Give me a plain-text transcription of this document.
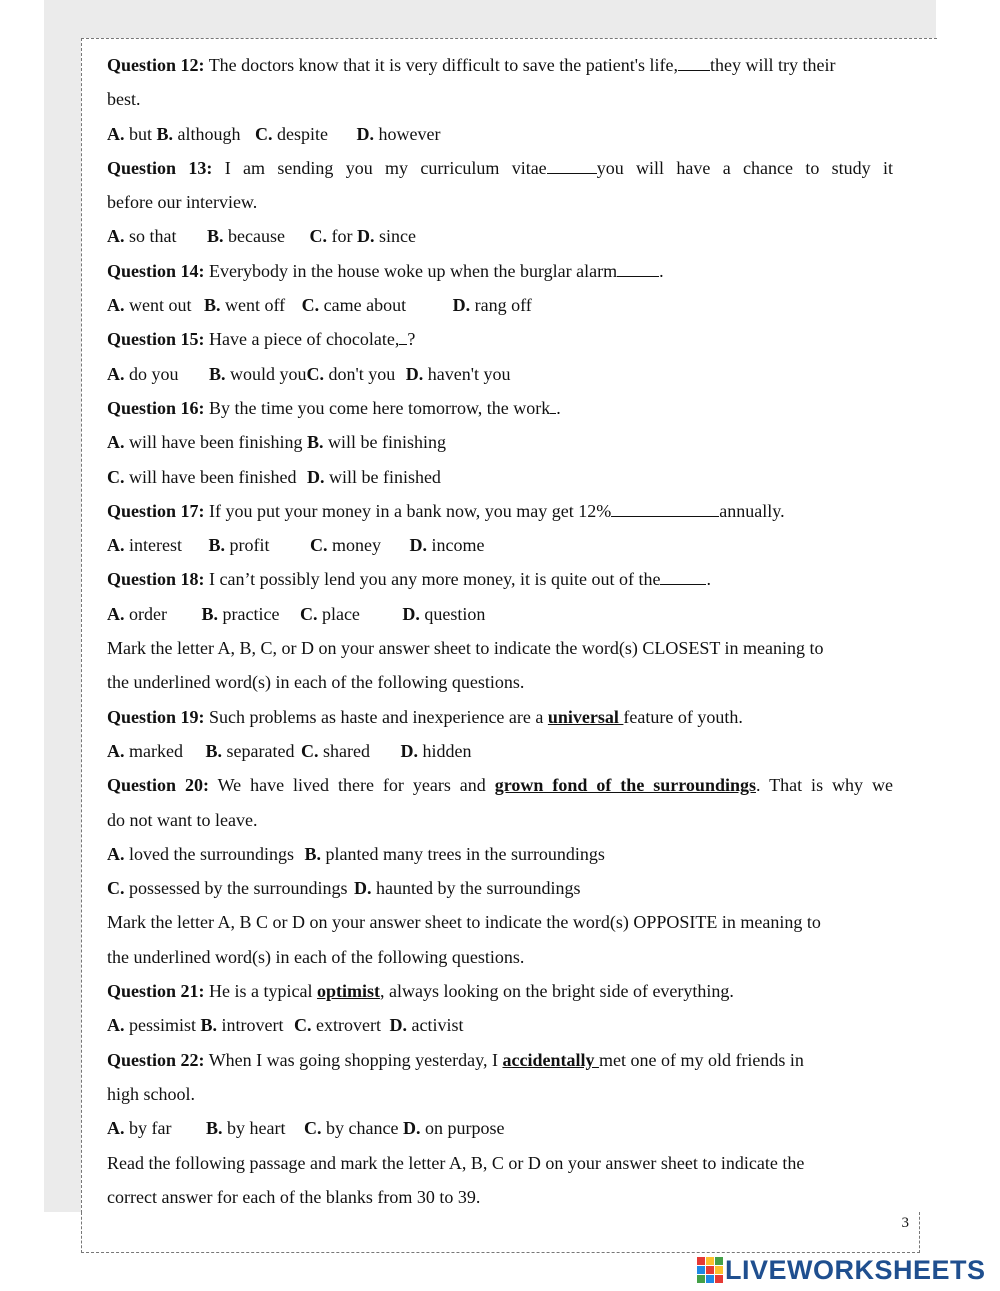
3

Question 12: The doctors know that it is very difficult to save the patient's life, they will try their

best.

A. but B. although C. despite D. however

Question 13: I am sending you my curriculum vitae	you will have a chance to study it

before our interview.

A. so that B. because C. for D. since

Question 14: Everybody in the house woke up when the burglar alarm .

A. went out B. went off C. came about D. rang off

Question 15: Have a piece of chocolate, ?

A. do you B. would youC. don't you D. haven't you

Question 16: By the time you come here tomorrow, the work .

A. will have been finishing B. will be finishing

C. will have been finished D. will be finished

Question 17: If you put your money in a bank now, you may get 12%	annually.

A. interest B. profit C. money D. income

Question 18: I can’t possibly lend you any more money, it is quite out of the	.

A. order B. practice C. place D. question

Mark the letter A, B, C, or D on your answer sheet to indicate the word(s) CLOSEST in meaning to

the underlined word(s) in each of the following questions.

Question 19: Such problems as haste and inexperience are a universal feature of youth.

A. marked B. separated C. shared D. hidden

Question 20: We have lived there for years and grown fond of the surroundings. That is why we

do not want to leave.

A. loved the surroundings B. planted many trees in the surroundings

C. possessed by the surroundings D. haunted by the surroundings

Mark the letter A, B C or D on your answer sheet to indicate the word(s) OPPOSITE in meaning to

the underlined word(s) in each of the following questions.

Question 21: He is a typical optimist, always looking on the bright side of everything.

A. pessimist B. introvert C. extrovert D. activist

Question 22: When I was going shopping yesterday, I accidentally met one of my old friends in

high school.

A. by far B. by heart C. by chance D. on purpose

Read the following passage and mark the letter A, B, C or D on your answer sheet to indicate the

correct answer for each of the blanks from 30 to 39.

LIVEWORKSHEETS
